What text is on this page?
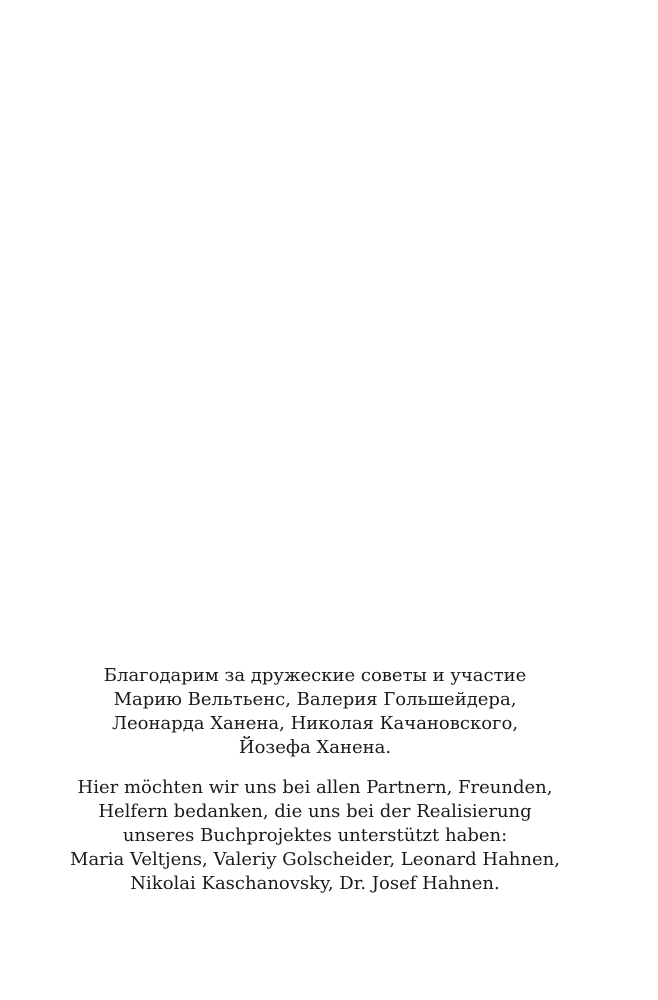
Благодарим за дружеские советы и участие
Марию Вельтьенс, Валерия Гольшейдера,
Леонарда Ханена, Николая Качановского,
Йозефа Ханена.

Hier möchten wir uns bei allen Partnern, Freunden,
Helfern bedanken, die uns bei der Realisierung
unseres Buchprojektes unterstützt haben:
Maria Veltjens, Valeriy Golscheider, Leonard Hahnen,
Nikolai Kaschanovsky, Dr. Josef Hahnen.
